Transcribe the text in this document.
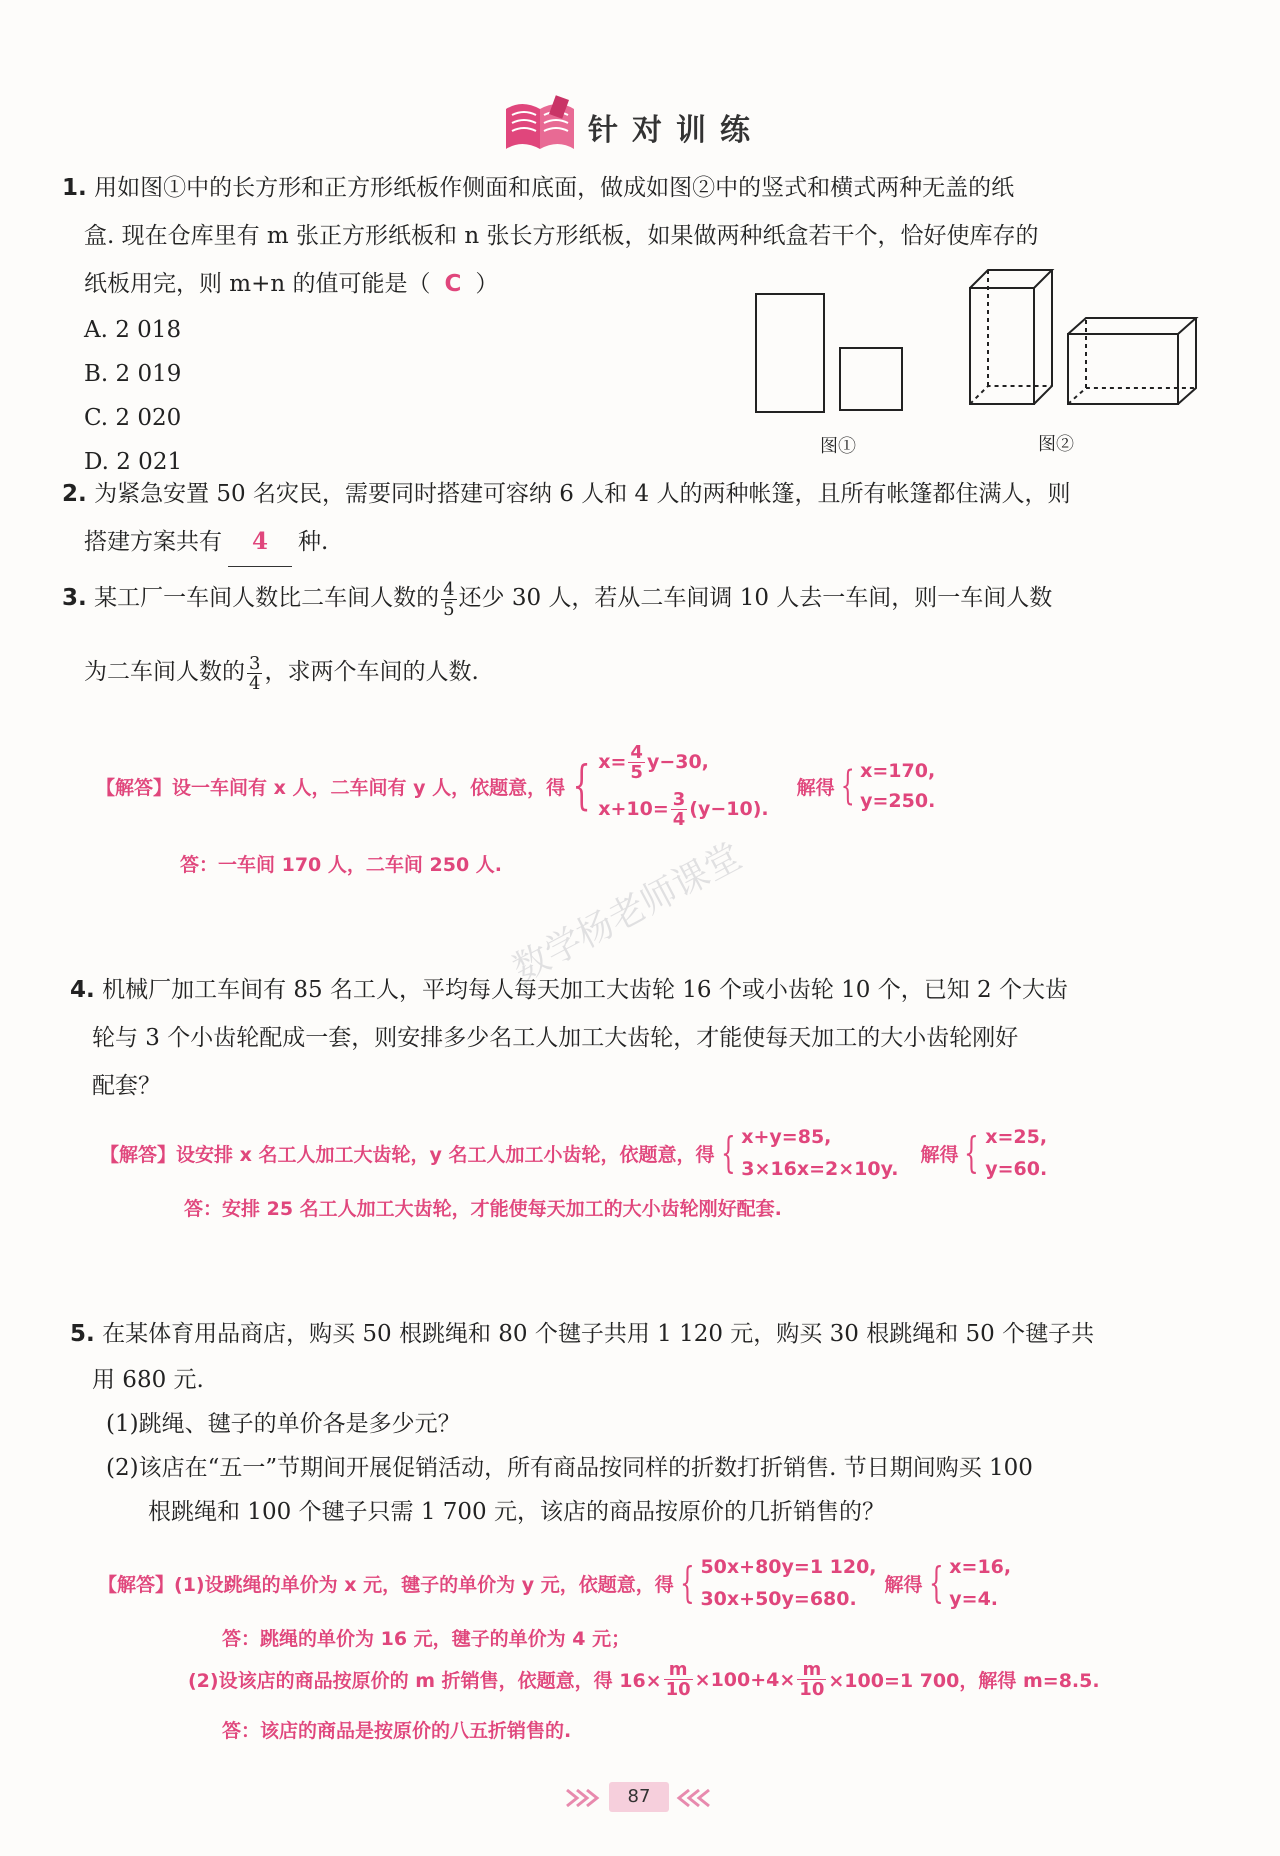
针对训练
1. 用如图①中的长方形和正方形纸板作侧面和底面，做成如图②中的竖式和横式两种无盖的纸
盒. 现在仓库里有 m 张正方形纸板和 n 张长方形纸板，如果做两种纸盒若干个，恰好使库存的
纸板用完，则 m+n 的值可能是（ C ）
A. 2 018
B. 2 019
C. 2 020
D. 2 021
图①	图②
2. 为紧急安置 50 名灾民，需要同时搭建可容纳 6 人和 4 人的两种帐篷，且所有帐篷都住满人，则
搭建方案共有 4 种.
3. 某工厂一车间人数比二车间人数的 $\frac{4}{5}$ 还少 30 人，若从二车间调 10 人去一车间，则一车间人数
为二车间人数的 $\frac{3}{4}$ ，求两个车间的人数.
【解答】 设一车间有 x 人，二车间有 y 人，依题意，得 { $x= \frac{4}{5} y-30$,
$x+10= \frac{3}{4} (y-10)$.
解得 { x=170,
y=250.
答：一车间 170 人，二车间 250 人. 数学杨老师课堂
4. 机械厂加工车间有 85 名工人，平均每人每天加工大齿轮 16 个或小齿轮 10 个，已知 2 个大齿
轮与 3 个小齿轮配成一套，则安排多少名工人加工大齿轮，才能使每天加工的大小齿轮刚好
配套？
【解答】 设安排 x 名工人加工大齿轮，y 名工人加工小齿轮，依题意，得 { x+y=85,
3×16x=2×10y.
解得 { x=25,
y=60.
答：安排 25 名工人加工大齿轮，才能使每天加工的大小齿轮刚好配套.
5. 在某体育用品商店，购买 50 根跳绳和 80 个毽子共用 1 120 元，购买 30 根跳绳和 50 个毽子共
用 680 元.
(1)跳绳、毽子的单价各是多少元？
(2)该店在“五一”节期间开展促销活动，所有商品按同样的折数打折销售. 节日期间购买 100
根跳绳和 100 个毽子只需 1 700 元，该店的商品按原价的几折销售的？
【解答】 (1)设跳绳的单价为 x 元，毽子的单价为 y 元，依题意，得 { 50x+80y=1 120,
30x+50y=680.
解得 { x=16,
y=4.
答：跳绳的单价为 16 元，毽子的单价为 4 元；
(2)设该店的商品按原价的 m 折销售，依题意，得 $16\times \frac{m}{10} \times 100+4\times \frac{m}{10} \times 100=1$ 700，解得 m=8.5.
答：该店的商品是按原价的八五折销售的.
87
